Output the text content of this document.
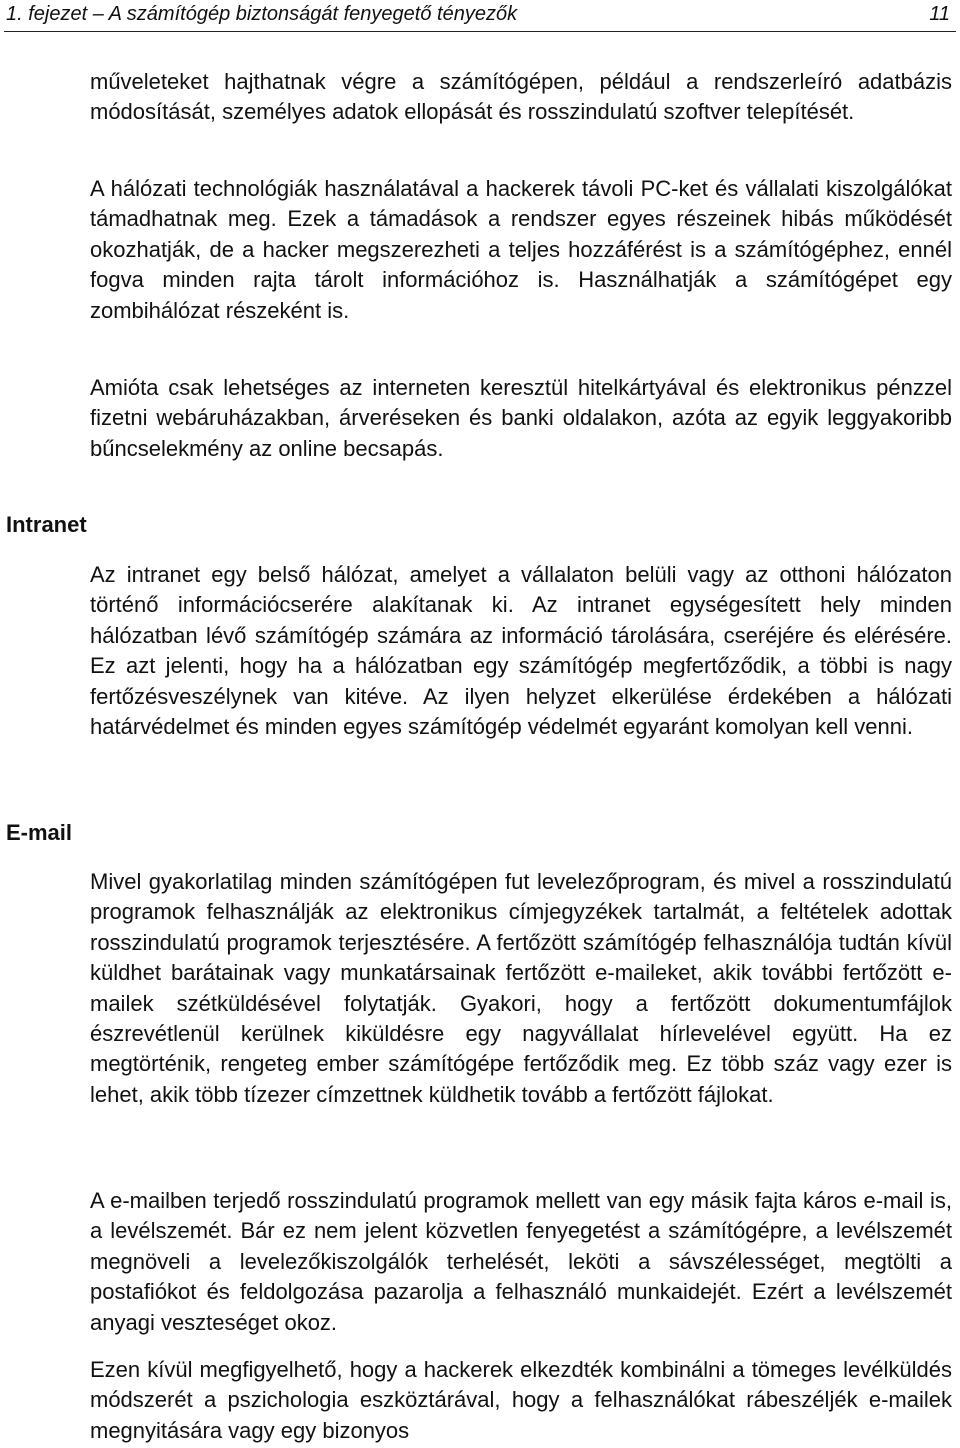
1. fejezet – A számítógép biztonságát fenyegető tényezők	11
Intranet
E-mail

műveleteket hajthatnak végre a számítógépen, például a rendszerleíró adatbázis módosítását, személyes adatok ellopását és rosszindulatú szoftver telepítését.

A hálózati technológiák használatával a hackerek távoli PC-ket és vállalati kiszolgálókat támadhatnak meg. Ezek a támadások a rendszer egyes részeinek hibás működését okozhatják, de a hacker megszerezheti a teljes hozzáférést is a számítógéphez, ennél fogva minden rajta tárolt információhoz is. Használhatják a számítógépet egy zombihálózat részeként is.

Amióta csak lehetséges az interneten keresztül hitelkártyával és elektronikus pénzzel fizetni webáruházakban, árveréseken és banki oldalakon, azóta az egyik leggyakoribb bűncselekmény az online becsapás.

Az intranet egy belső hálózat, amelyet a vállalaton belüli vagy az otthoni hálózaton történő információcserére alakítanak ki. Az intranet egységesített hely minden hálózatban lévő számítógép számára az információ tárolására, cseréjére és elérésére. Ez azt jelenti, hogy ha a hálózatban egy számítógép megfertőződik, a többi is nagy fertőzésveszélynek van kitéve. Az ilyen helyzet elkerülése érdekében a hálózati határvédelmet és minden egyes számítógép védelmét egyaránt komolyan kell venni.

Mivel gyakorlatilag minden számítógépen fut levelezőprogram, és mivel a rosszindulatú programok felhasználják az elektronikus címjegyzékek tartalmát, a feltételek adottak rosszindulatú programok terjesztésére. A fertőzött számítógép felhasználója tudtán kívül küldhet barátainak vagy munkatársainak fertőzött e-maileket, akik további fertőzött e-mailek szétküldésével folytatják. Gyakori, hogy a fertőzött dokumentumfájlok észrevétlenül kerülnek kiküldésre egy nagyvállalat hírlevelével együtt. Ha ez megtörténik, rengeteg ember számítógépe fertőződik meg. Ez több száz vagy ezer is lehet, akik több tízezer címzettnek küldhetik tovább a fertőzött fájlokat.

A e-mailben terjedő rosszindulatú programok mellett van egy másik fajta káros e-mail is, a levélszemét. Bár ez nem jelent közvetlen fenyegetést a számítógépre, a levélszemét megnöveli a levelezőkiszolgálók terhelését, leköti a sávszélességet, megtölti a postafiókot és feldolgozása pazarolja a felhasználó munkaidejét. Ezért a levélszemét anyagi veszteséget okoz.

Ezen kívül megfigyelhető, hogy a hackerek elkezdték kombinálni a tömeges levélküldés módszerét a pszichologia eszköztárával, hogy a felhasználókat rábeszéljék e-mailek megnyitására vagy egy bizonyos
